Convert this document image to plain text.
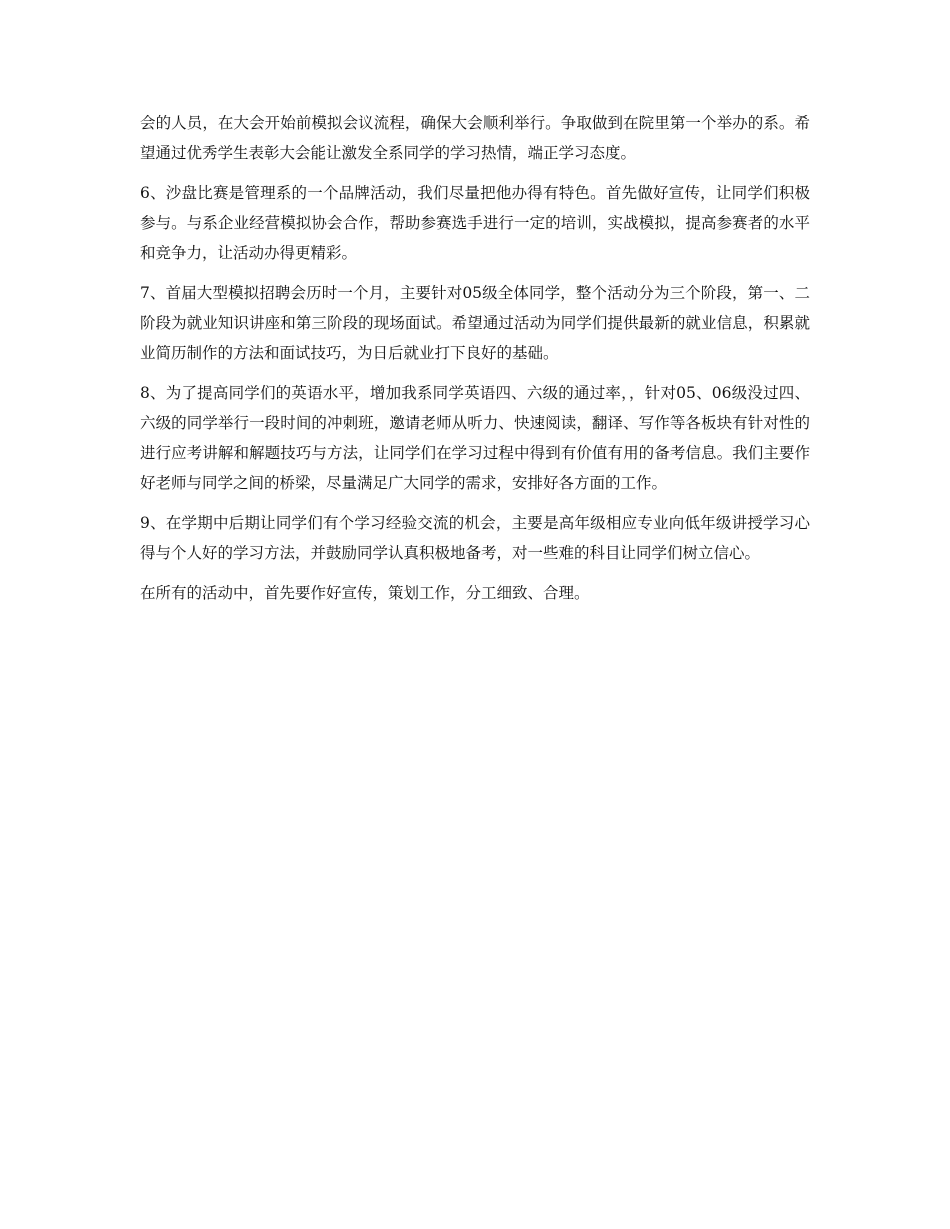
会的人员，在大会开始前模拟会议流程，确保大会顺利举行。争取做到在院里第一个举办的系。希望通过优秀学生表彰大会能让激发全系同学的学习热情，端正学习态度。

6、沙盘比赛是管理系的一个品牌活动，我们尽量把他办得有特色。首先做好宣传，让同学们积极参与。与系企业经营模拟协会合作，帮助参赛选手进行一定的培训，实战模拟，提高参赛者的水平和竞争力，让活动办得更精彩。

7、首届大型模拟招聘会历时一个月，主要针对05级全体同学，整个活动分为三个阶段，第一、二阶段为就业知识讲座和第三阶段的现场面试。希望通过活动为同学们提供最新的就业信息，积累就业简历制作的方法和面试技巧，为日后就业打下良好的基础。

8、为了提高同学们的英语水平，增加我系同学英语四、六级的通过率，，针对05、06级没过四、六级的同学举行一段时间的冲刺班，邀请老师从听力、快速阅读，翻译、写作等各板块有针对性的进行应考讲解和解题技巧与方法，让同学们在学习过程中得到有价值有用的备考信息。我们主要作好老师与同学之间的桥梁，尽量满足广大同学的需求，安排好各方面的工作。

9、在学期中后期让同学们有个学习经验交流的机会，主要是高年级相应专业向低年级讲授学习心得与个人好的学习方法，并鼓励同学认真积极地备考，对一些难的科目让同学们树立信心。

在所有的活动中，首先要作好宣传，策划工作，分工细致、合理。
